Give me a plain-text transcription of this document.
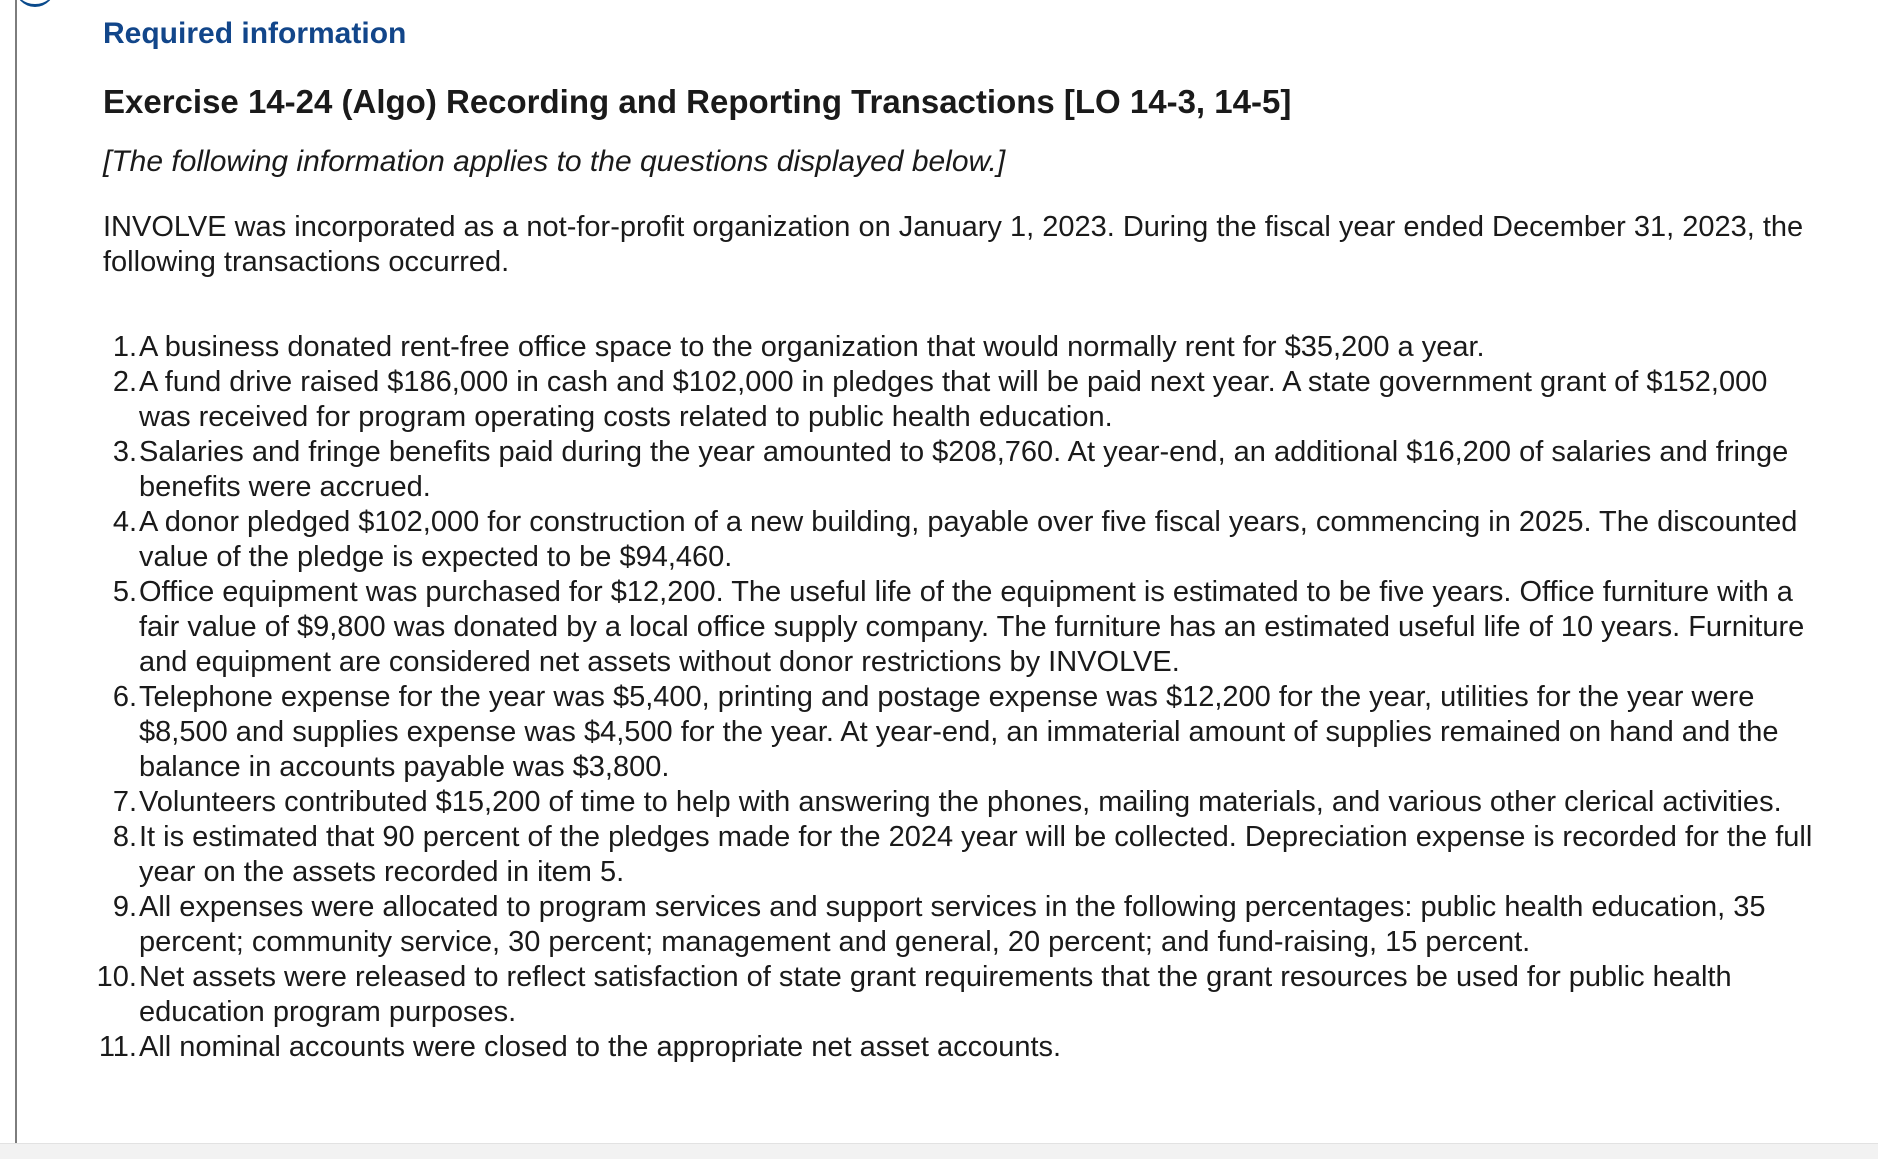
Required information

Exercise 14-24 (Algo) Recording and Reporting Transactions [LO 14-3, 14-5]

[The following information applies to the questions displayed below.]

INVOLVE was incorporated as a not-for-profit organization on January 1, 2023. During the fiscal year ended December 31, 2023, the following transactions occurred.

1. A business donated rent-free office space to the organization that would normally rent for $35,200 a year.
2. A fund drive raised $186,000 in cash and $102,000 in pledges that will be paid next year. A state government grant of $152,000 was received for program operating costs related to public health education.
3. Salaries and fringe benefits paid during the year amounted to $208,760. At year-end, an additional $16,200 of salaries and fringe benefits were accrued.
4. A donor pledged $102,000 for construction of a new building, payable over five fiscal years, commencing in 2025. The discounted value of the pledge is expected to be $94,460.
5. Office equipment was purchased for $12,200. The useful life of the equipment is estimated to be five years. Office furniture with a fair value of $9,800 was donated by a local office supply company. The furniture has an estimated useful life of 10 years. Furniture and equipment are considered net assets without donor restrictions by INVOLVE.
6. Telephone expense for the year was $5,400, printing and postage expense was $12,200 for the year, utilities for the year were $8,500 and supplies expense was $4,500 for the year. At year-end, an immaterial amount of supplies remained on hand and the balance in accounts payable was $3,800.
7. Volunteers contributed $15,200 of time to help with answering the phones, mailing materials, and various other clerical activities.
8. It is estimated that 90 percent of the pledges made for the 2024 year will be collected. Depreciation expense is recorded for the full year on the assets recorded in item 5.
9. All expenses were allocated to program services and support services in the following percentages: public health education, 35 percent; community service, 30 percent; management and general, 20 percent; and fund-raising, 15 percent.
10. Net assets were released to reflect satisfaction of state grant requirements that the grant resources be used for public health education program purposes.
11. All nominal accounts were closed to the appropriate net asset accounts.
